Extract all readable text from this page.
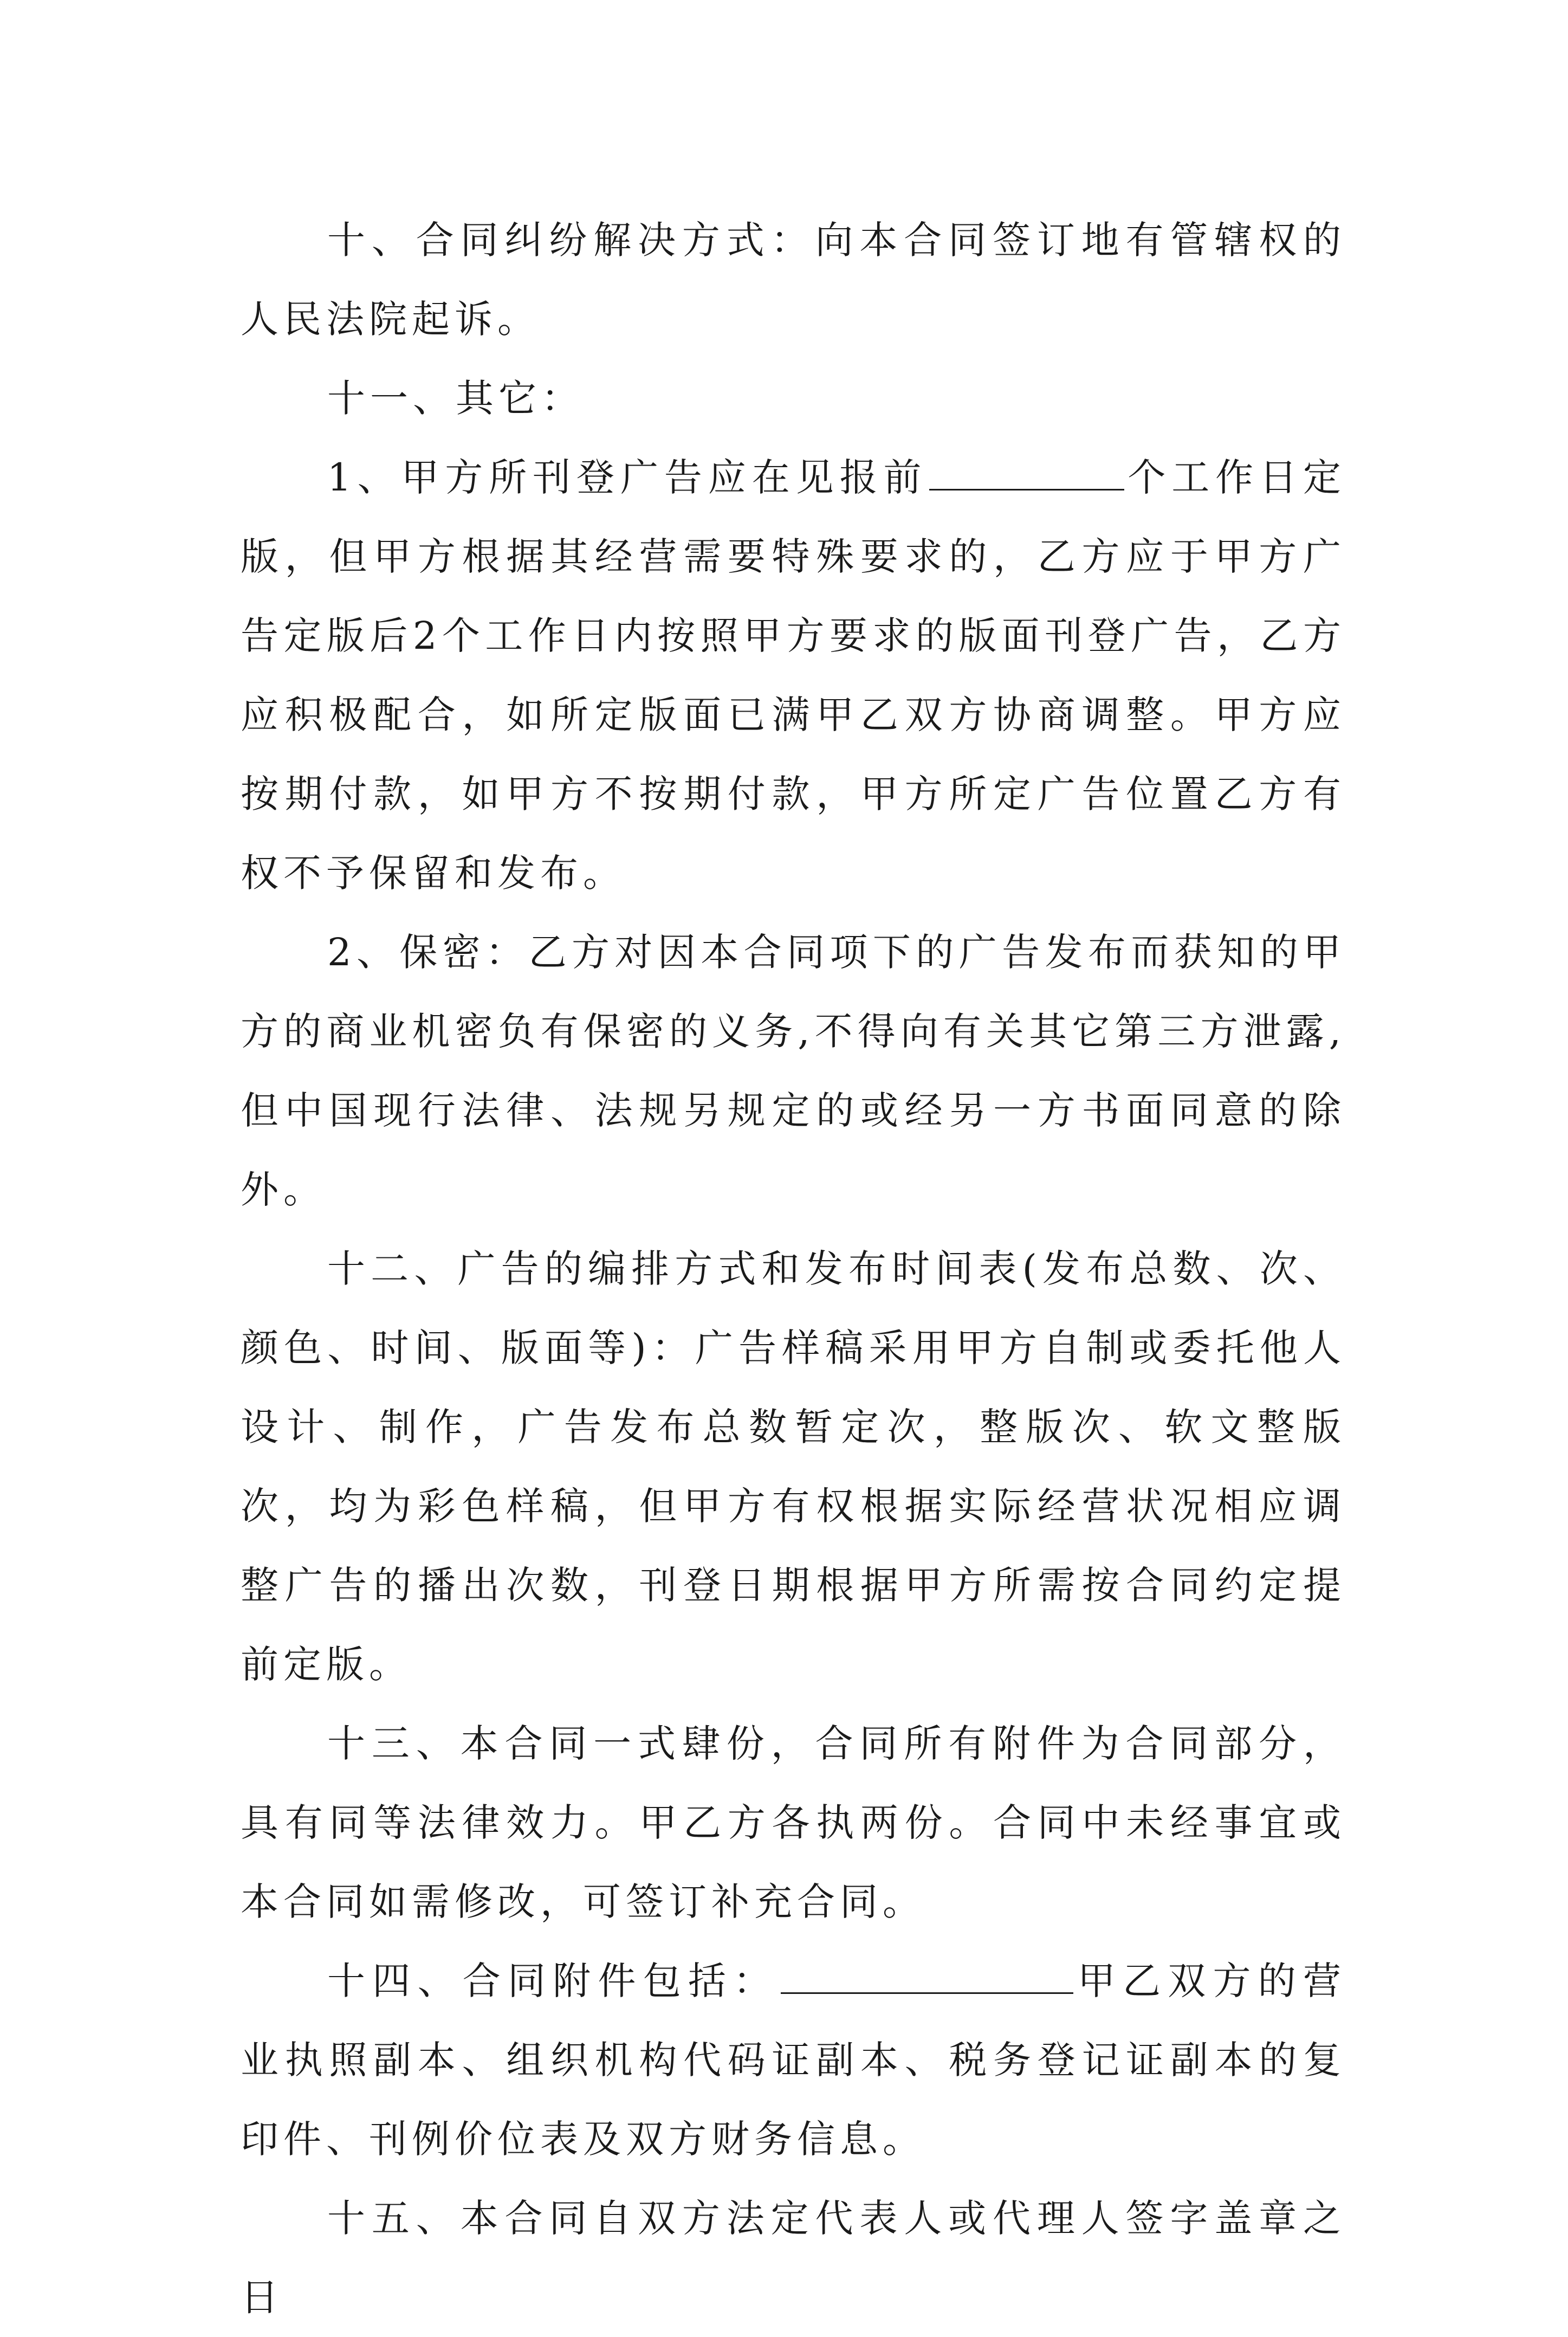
十、合同纠纷解决方式：向本合同签订地有管辖权的人民法院起诉。

十一、其它：

1、甲方所刊登广告应在见报前	个工作日定版，但甲方根据其经营需要特殊要求的，乙方应于甲方广告定版后2个工作日内按照甲方要求的版面刊登广告，乙方应积极配合，如所定版面已满甲乙双方协商调整。甲方应按期付款，如甲方不按期付款，甲方所定广告位置乙方有权不予保留和发布。

2、保密：乙方对因本合同项下的广告发布而获知的甲方的商业机密负有保密的义务,不得向有关其它第三方泄露,但中国现行法律、法规另规定的或经另一方书面同意的除外。

十二、广告的编排方式和发布时间表(发布总数、次、颜色、时间、版面等)：广告样稿采用甲方自制或委托他人设计、制作，广告发布总数暂定次，整版次、软文整版次，均为彩色样稿，但甲方有权根据实际经营状况相应调整广告的播出次数，刊登日期根据甲方所需按合同约定提前定版。

十三、本合同一式肆份，合同所有附件为合同部分，具有同等法律效力。甲乙方各执两份。合同中未经事宜或本合同如需修改，可签订补充合同。

十四、合同附件包括：	甲乙双方的营业执照副本、组织机构代码证副本、税务登记证副本的复印件、刊例价位表及双方财务信息。

十五、本合同自双方法定代表人或代理人签字盖章之日
